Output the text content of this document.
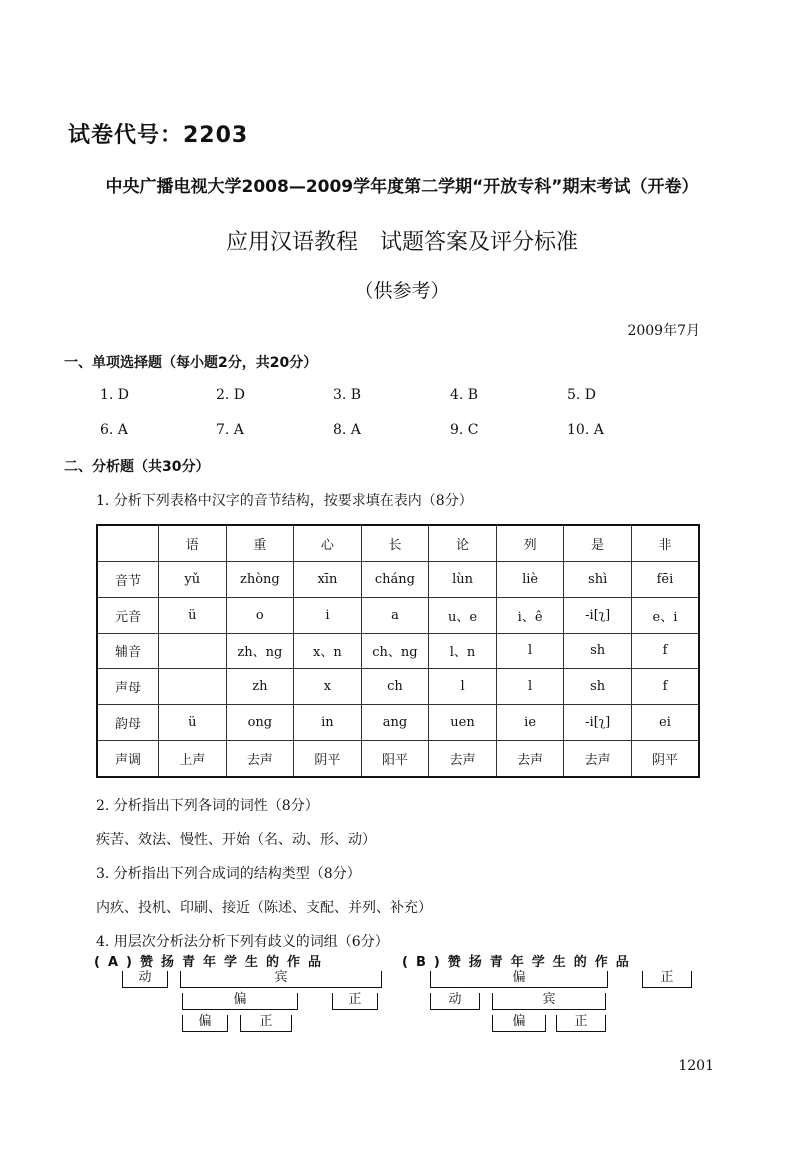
试卷代号：2203
中央广播电视大学2008—2009学年度第二学期“开放专科”期末考试（开卷）
应用汉语教程　试题答案及评分标准
（供参考）
2009年7月
一、单项选择题（每小题2分，共20分）
1. D	2. D	3. B	4. B	5. D
6. A	7. A	8. A	9. C	10. A
二、分析题（共30分）
1. 分析下列表格中汉字的音节结构，按要求填在表内（8分）
	语	重	心	长	论	列	是	非
音节	yǔ	zhòng	xīn	cháng	lùn	liè	shì	fēi
元音	ü	o	i	a	u、e	i、ê	-i[ʅ]	e、i
辅音		zh、ng	x、n	ch、ng	l、n	l	sh	f
声母		zh	x	ch	l	l	sh	f
韵母	ü	ong	in	ang	uen	ie	-i[ʅ]	ei
声调	上声	去声	阴平	阳平	去声	去声	去声	阴平
2. 分析指出下列各词的词性（8分）
疾苦、效法、慢性、开始（名、动、形、动）
3. 分析指出下列合成词的结构类型（8分）
内疚、投机、印刷、接近（陈述、支配、并列、补充）
4. 用层次分析法分析下列有歧义的词组（6分）
(A)赞扬青年学生的作品
动	宾
偏	正
偏	正
(B)赞扬青年学生的作品
偏	正
动	宾
偏	正
1201
